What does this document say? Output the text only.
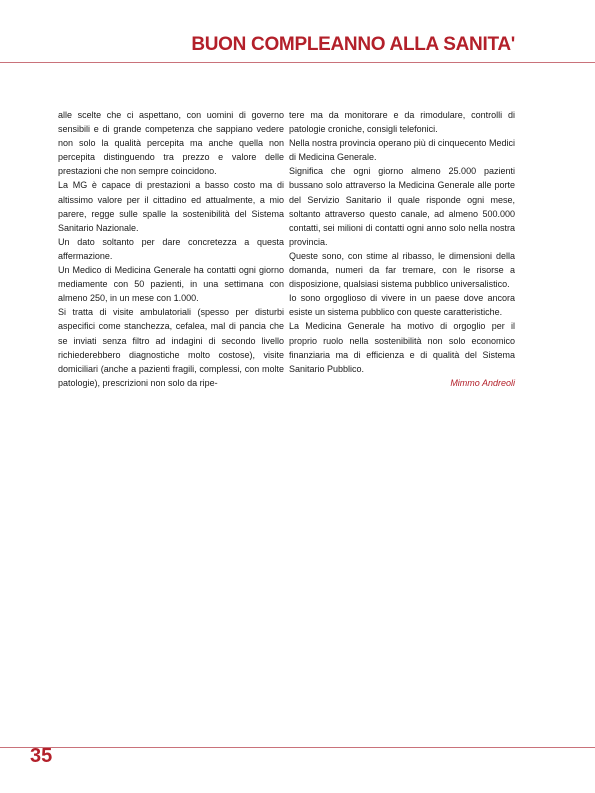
BUON COMPLEANNO ALLA SANITA'

alle scelte che ci aspettano, con uomini di governo sensibili e di grande competenza che sappiano vedere non solo la qualità percepita ma anche quella non percepita distinguendo tra prezzo e valore delle prestazioni che non sempre coincidono.

La MG è capace di prestazioni a basso costo ma di altissimo valore per il cittadino ed attualmente, a mio parere, regge sulle spalle la sostenibilità del Sistema Sanitario Nazionale.

Un dato soltanto per dare concretezza a questa affermazione.

Un Medico di Medicina Generale ha contatti ogni giorno mediamente con 50 pazienti, in una settimana con almeno 250, in un mese con 1.000.

Si tratta di visite ambulatoriali (spesso per disturbi aspecifici come stanchezza, cefalea, mal di pancia che se inviati senza filtro ad indagini di secondo livello richiederebbero diagnostiche molto costose), visite domiciliari (anche a pazienti fragili, complessi, con molte patologie), prescrizioni non solo da ripe-

tere ma da monitorare e da rimodulare, controlli di patologie croniche, consigli telefonici.

Nella nostra provincia operano più di cinquecento Medici di Medicina Generale.

Significa che ogni giorno almeno 25.000 pazienti bussano solo attraverso la Medicina Generale alle porte del Servizio Sanitario il quale risponde ogni mese, soltanto attraverso questo canale, ad almeno 500.000 contatti, sei milioni di contatti ogni anno solo nella nostra provincia.

Queste sono, con stime al ribasso, le dimensioni della domanda, numeri da far tremare, con le risorse a disposizione, qualsiasi sistema pubblico universalistico.

Io sono orgoglioso di vivere in un paese dove ancora esiste un sistema pubblico con queste caratteristiche.

La Medicina Generale ha motivo di orgoglio per il proprio ruolo nella sostenibilità non solo economico finanziaria ma di efficienza e di qualità del Sistema Sanitario Pubblico.

Mimmo Andreoli

35
